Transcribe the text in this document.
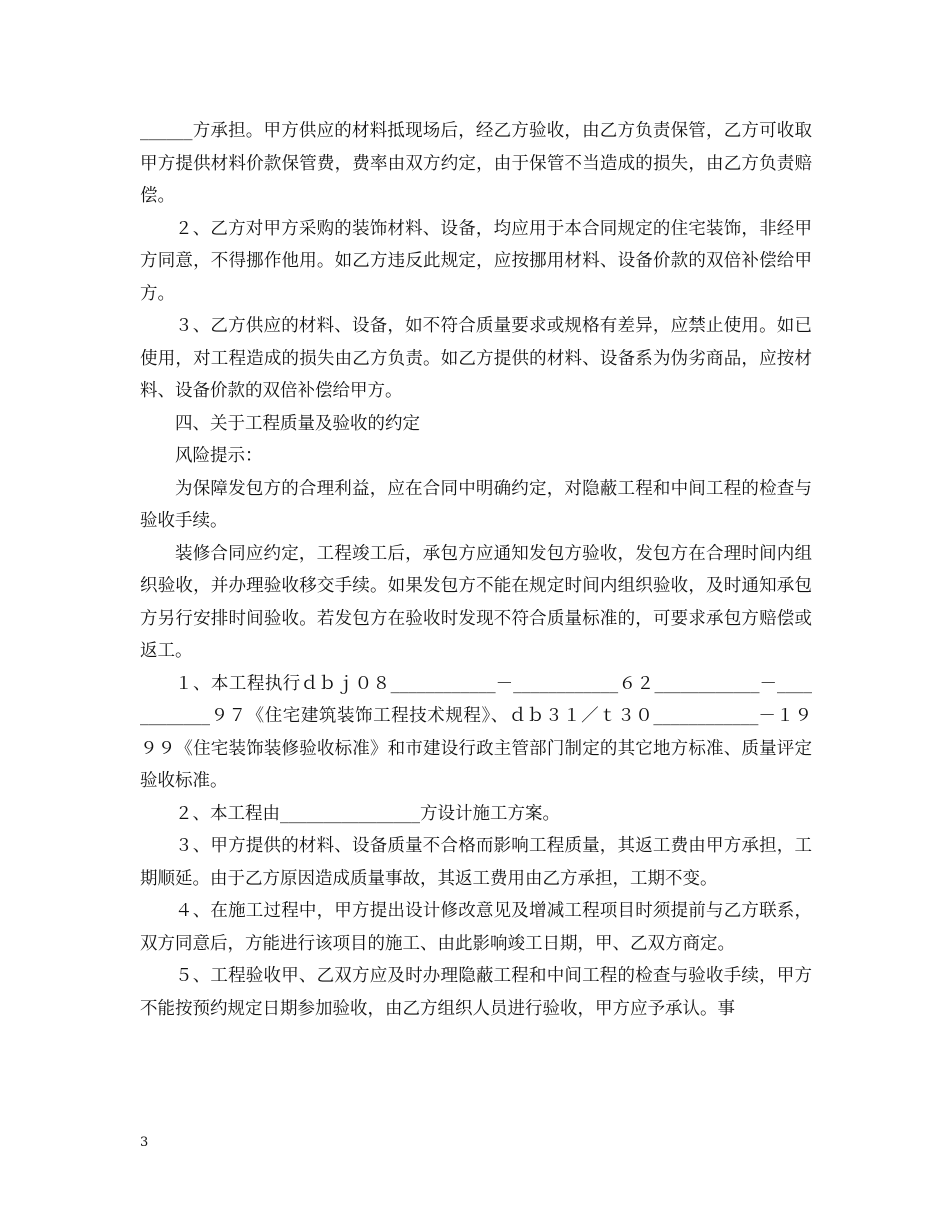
______方承担。甲方供应的材料抵现场后，经乙方验收，由乙方负责保管，乙方可收取甲方提供材料价款保管费，费率由双方约定，由于保管不当造成的损失，由乙方负责赔偿。

２、乙方对甲方采购的装饰材料、设备，均应用于本合同规定的住宅装饰，非经甲方同意，不得挪作他用。如乙方违反此规定，应按挪用材料、设备价款的双倍补偿给甲方。

３、乙方供应的材料、设备，如不符合质量要求或规格有差异，应禁止使用。如已使用，对工程造成的损失由乙方负责。如乙方提供的材料、设备系为伪劣商品，应按材料、设备价款的双倍补偿给甲方。

四、关于工程质量及验收的约定

风险提示：

为保障发包方的合理利益，应在合同中明确约定，对隐蔽工程和中间工程的检查与验收手续。

装修合同应约定，工程竣工后，承包方应通知发包方验收，发包方在合理时间内组织验收，并办理验收移交手续。如果发包方不能在规定时间内组织验收，及时通知承包方另行安排时间验收。若发包方在验收时发现不符合质量标准的，可要求承包方赔偿或返工。

１、本工程执行ｄｂｊ０８____________－____________６２____________－____________９７《住宅建筑装饰工程技术规程》、ｄｂ３１／ｔ３０____________－１９９９《住宅装饰装修验收标准》和市建设行政主管部门制定的其它地方标准、质量评定验收标准。

２、本工程由________________方设计施工方案。

３、甲方提供的材料、设备质量不合格而影响工程质量，其返工费由甲方承担，工期顺延。由于乙方原因造成质量事故，其返工费用由乙方承担，工期不变。

４、在施工过程中，甲方提出设计修改意见及增减工程项目时须提前与乙方联系，双方同意后，方能进行该项目的施工、由此影响竣工日期，甲、乙双方商定。

５、工程验收甲、乙双方应及时办理隐蔽工程和中间工程的检查与验收手续，甲方不能按预约规定日期参加验收，由乙方组织人员进行验收，甲方应予承认。事

3
